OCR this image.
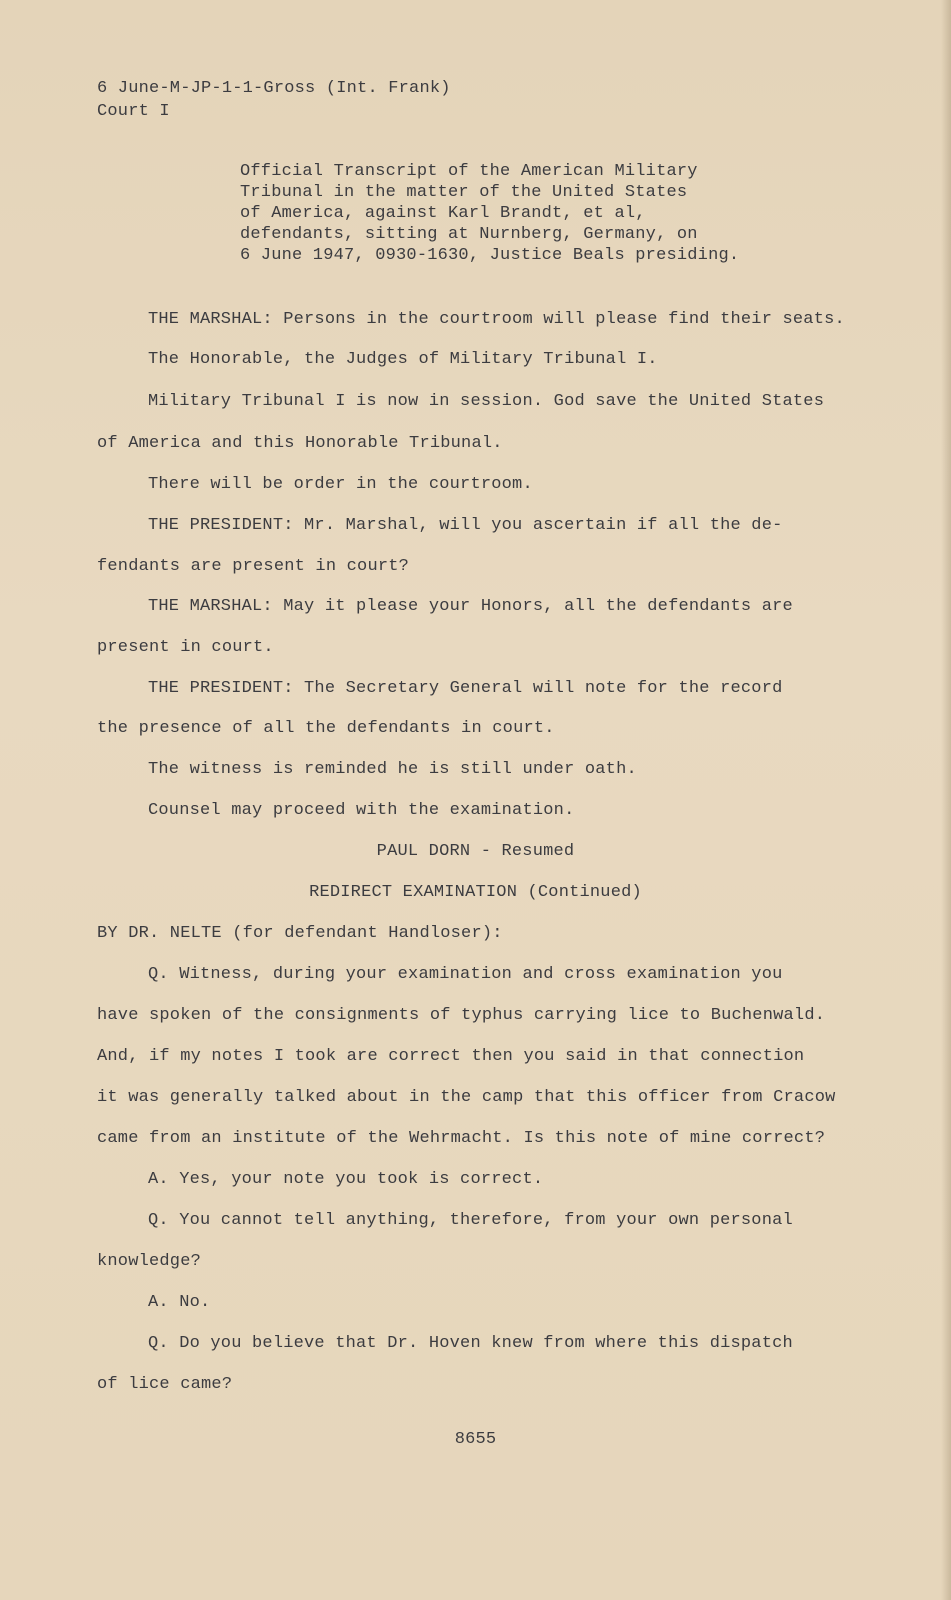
6 June-M-JP-1-1-Gross (Int. Frank)
Court I
Official Transcript of the American Military
Tribunal in the matter of the United States
of America, against Karl Brandt, et al,
defendants, sitting at Nurnberg, Germany, on
6 June 1947, 0930-1630, Justice Beals presiding.
THE MARSHAL: Persons in the courtroom will please find their seats.
The Honorable, the Judges of Military Tribunal I.
Military Tribunal I is now in session. God save the United States
of America and this Honorable Tribunal.
There will be order in the courtroom.
THE PRESIDENT: Mr. Marshal, will you ascertain if all the de-
fendants are present in court?
THE MARSHAL: May it please your Honors, all the defendants are
present in court.
THE PRESIDENT: The Secretary General will note for the record
the presence of all the defendants in court.
The witness is reminded he is still under oath.
Counsel may proceed with the examination.
PAUL DORN - Resumed
REDIRECT EXAMINATION (Continued)
BY DR. NELTE (for defendant Handloser):
Q. Witness, during your examination and cross examination you
have spoken of the consignments of typhus carrying lice to Buchenwald.
And, if my notes I took are correct then you said in that connection
it was generally talked about in the camp that this officer from Cracow
came from an institute of the Wehrmacht. Is this note of mine correct?
A. Yes, your note you took is correct.
Q. You cannot tell anything, therefore, from your own personal
knowledge?
A. No.
Q. Do you believe that Dr. Hoven knew from where this dispatch
of lice came?
8655
